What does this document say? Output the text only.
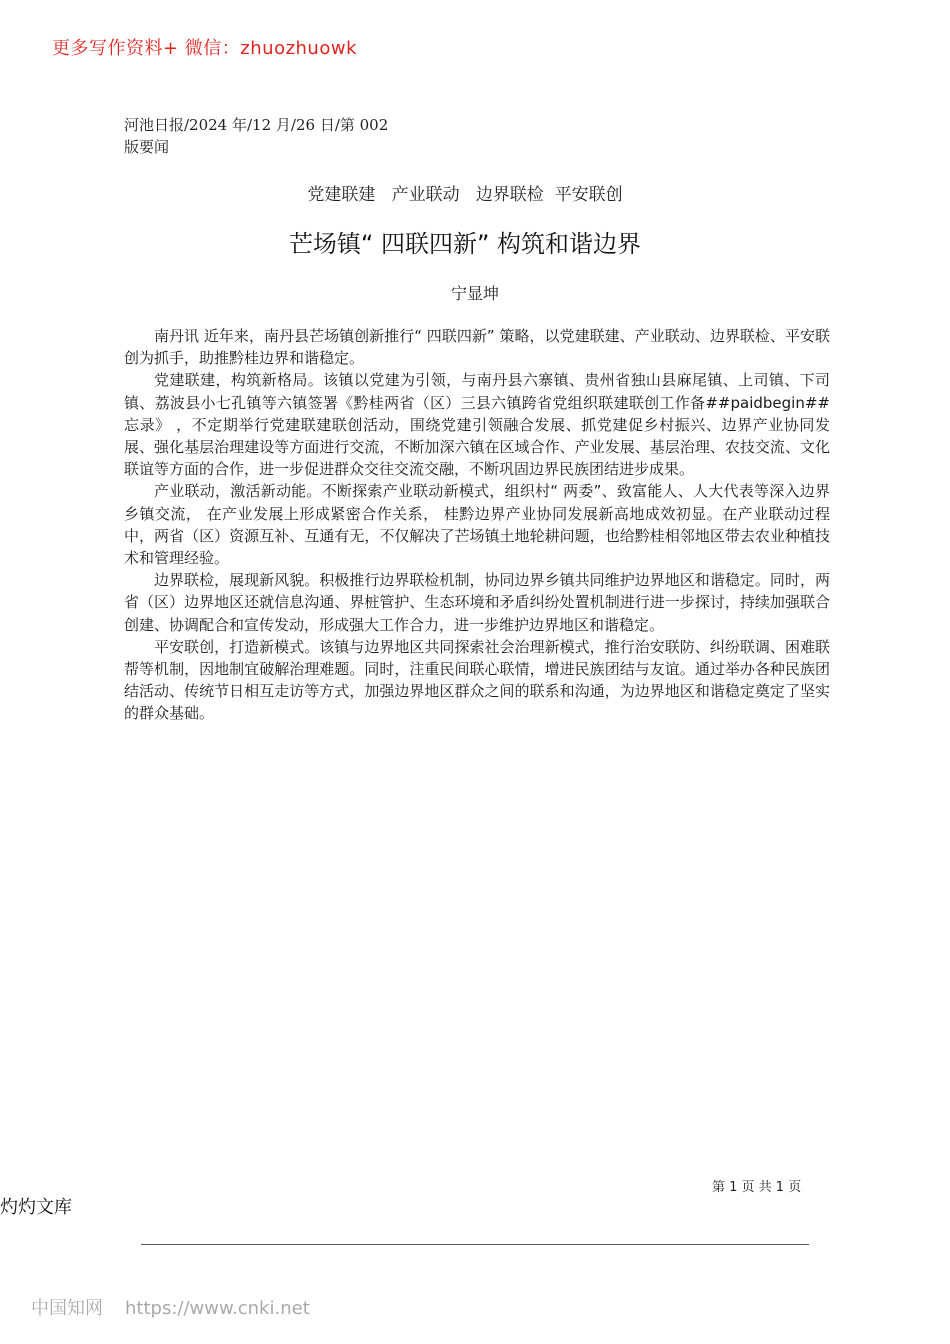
更多写作资料+ 微信：zhuozhuowk
河池日报/2024 年/12 月/26 日/第 002
版要闻
党建联建   产业联动   边界联检  平安联创
芒场镇“ 四联四新” 构筑和谐边界
宁显坤

南丹讯 近年来，南丹县芒场镇创新推行“ 四联四新” 策略，以党建联建、产业联动、边界联检、平安联创为抓手，助推黔桂边界和谐稳定。

党建联建，构筑新格局。该镇以党建为引领，与南丹县六寨镇、贵州省独山县麻尾镇、上司镇、下司镇、荔波县小七孔镇等六镇签署《黔桂两省（区）三县六镇跨省党组织联建联创工作备##paidbegin##忘录》 ，不定期举行党建联建联创活动，围绕党建引领融合发展、抓党建促乡村振兴、边界产业协同发展、强化基层治理建设等方面进行交流，不断加深六镇在区域合作、产业发展、基层治理、农技交流、文化联谊等方面的合作，进一步促进群众交往交流交融，不断巩固边界民族团结进步成果。

产业联动，激活新动能。不断探索产业联动新模式，组织村“ 两委”、致富能人、人大代表等深入边界乡镇交流， 在产业发展上形成紧密合作关系， 桂黔边界产业协同发展新高地成效初显。在产业联动过程中，两省（区）资源互补、互通有无，不仅解决了芒场镇土地轮耕问题，也给黔桂相邻地区带去农业种植技术和管理经验。

边界联检，展现新风貌。积极推行边界联检机制，协同边界乡镇共同维护边界地区和谐稳定。同时，两省（区）边界地区还就信息沟通、界桩管护、生态环境和矛盾纠纷处置机制进行进一步探讨，持续加强联合创建、协调配合和宣传发动，形成强大工作合力，进一步维护边界地区和谐稳定。

平安联创，打造新模式。该镇与边界地区共同探索社会治理新模式，推行治安联防、纠纷联调、困难联帮等机制，因地制宜破解治理难题。同时，注重民间联心联情，增进民族团结与友谊。通过举办各种民族团结活动、传统节日相互走访等方式，加强边界地区群众之间的联系和沟通，为边界地区和谐稳定奠定了坚实的群众基础。

第 1 页 共 1 页
灼灼文库
中国知网 https://www.cnki.net
